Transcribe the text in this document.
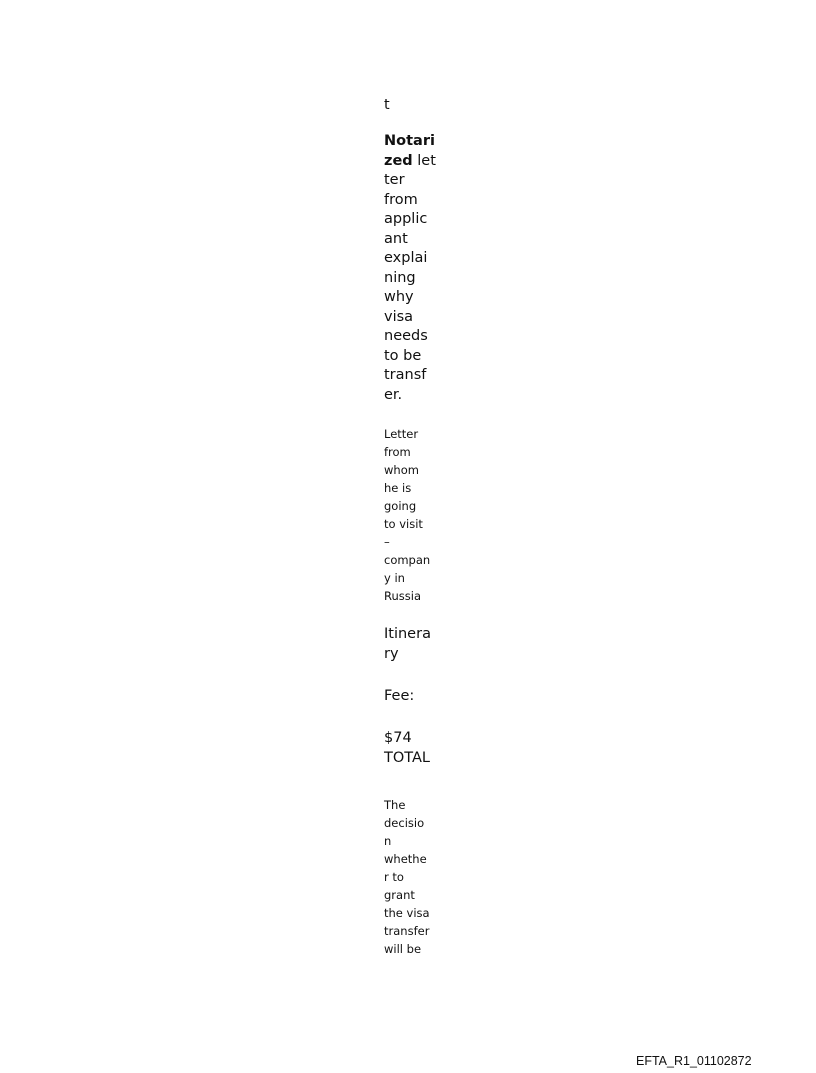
t
Notari
zed let
ter
from
applic
ant
explai
ning
why
visa
needs
to be
transf
er.
Letter
from
whom
he is
going
to visit
–
compan
y in
Russia
Itinera
ry
Fee:
$74
TOTAL
The
decisio
n
whethe
r to
grant
the visa
transfer
will be
EFTA_R1_01102872
